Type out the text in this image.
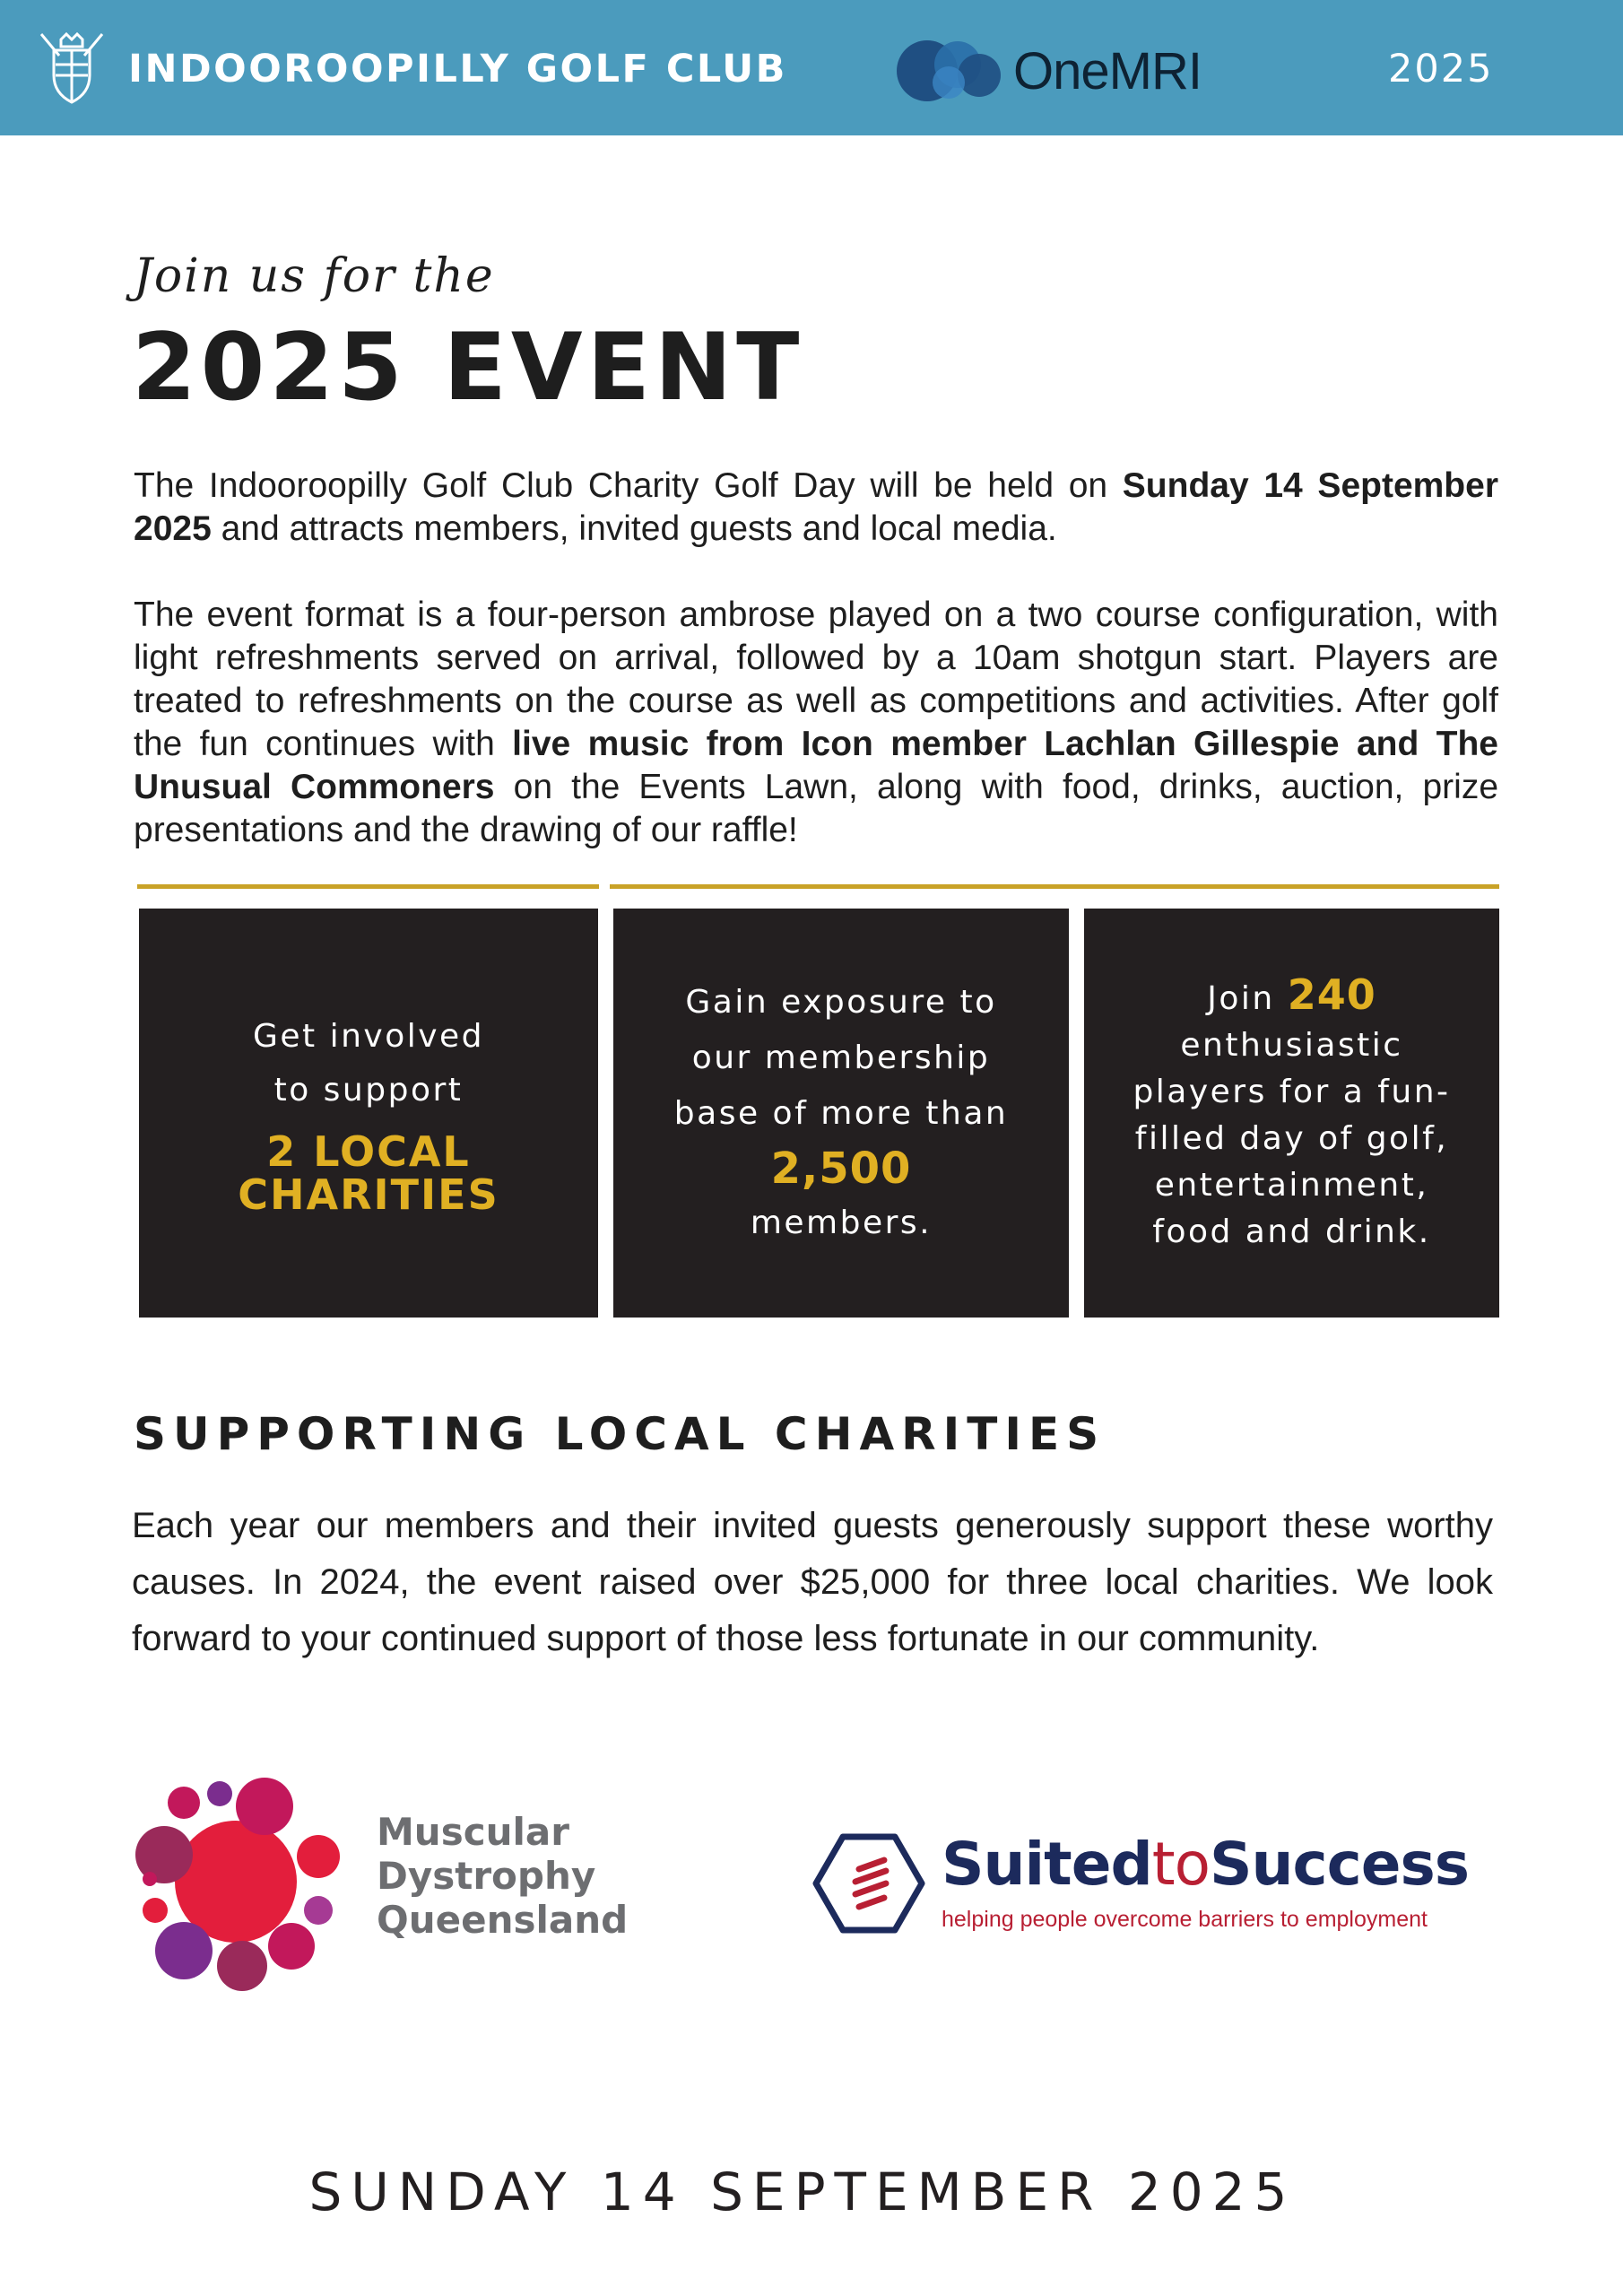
INDOOROOPILLY GOLF CLUB	OneMRI	2025
Join us for the
2025 EVENT
The Indooroopilly Golf Club Charity Golf Day will be held on Sunday 14 September 2025 and attracts members, invited guests and local media.
The event format is a four-person ambrose played on a two course configuration, with light refreshments served on arrival, followed by a 10am shotgun start. Players are treated to refreshments on the course as well as competitions and activities. After golf the fun continues with live music from Icon member Lachlan Gillespie and The Unusual Commoners on the Events Lawn, along with food, drinks, auction, prize presentations and the drawing of our raffle!
Get involved to support
2 LOCAL CHARITIES
Gain exposure to our membership base of more than
2,500
members.
Join 240 enthusiastic players for a fun-filled day of golf, entertainment, food and drink.
SUPPORTING LOCAL CHARITIES
Each year our members and their invited guests generously support these worthy causes. In 2024, the event raised over $25,000 for three local charities. We look forward to your continued support of those less fortunate in our community.
Muscular
Dystrophy
Queensland
SuitedtoSuccess
helping people overcome barriers to employment
SUNDAY 14 SEPTEMBER 2025
